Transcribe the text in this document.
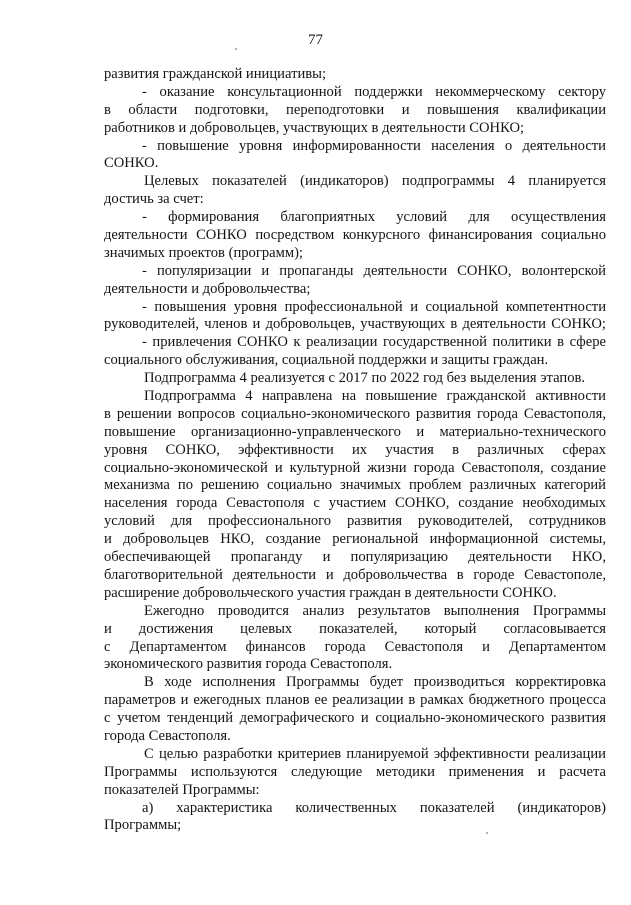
77
развития гражданской инициативы;
- оказание консультационной поддержки некоммерческому сектору
в области подготовки, переподготовки и повышения квалификации
работников и добровольцев, участвующих в деятельности СОНКО;
- повышение уровня информированности населения о деятельности
СОНКО.
Целевых показателей (индикаторов) подпрограммы 4 планируется
достичь за счет:
- формирования благоприятных условий для осуществления
деятельности СОНКО посредством конкурсного финансирования социально
значимых проектов (программ);
- популяризации и пропаганды деятельности СОНКО, волонтерской
деятельности и добровольчества;
- повышения уровня профессиональной и социальной компетентности
руководителей, членов и добровольцев, участвующих в деятельности СОНКО;
- привлечения СОНКО к реализации государственной политики в сфере
социального обслуживания, социальной поддержки и защиты граждан.
Подпрограмма 4 реализуется с 2017 по 2022 год без выделения этапов.
Подпрограмма 4 направлена на повышение гражданской активности
в решении вопросов социально-экономического развития города Севастополя,
повышение организационно-управленческого и материально-технического
уровня СОНКО, эффективности их участия в различных сферах
социально-экономической и культурной жизни города Севастополя, создание
механизма по решению социально значимых проблем различных категорий
населения города Севастополя с участием СОНКО, создание необходимых
условий для профессионального развития руководителей, сотрудников
и добровольцев НКО, создание региональной информационной системы,
обеспечивающей пропаганду и популяризацию деятельности НКО,
благотворительной деятельности и добровольчества в городе Севастополе,
расширение добровольческого участия граждан в деятельности СОНКО.
Ежегодно проводится анализ результатов выполнения Программы
и достижения целевых показателей, который согласовывается
с Департаментом финансов города Севастополя и Департаментом
экономического развития города Севастополя.
В ходе исполнения Программы будет производиться корректировка
параметров и ежегодных планов ее реализации в рамках бюджетного процесса
с учетом тенденций демографического и социально-экономического развития
города Севастополя.
С целью разработки критериев планируемой эффективности реализации
Программы используются следующие методики применения и расчета
показателей Программы:
а) характеристика количественных показателей (индикаторов)
Программы;
